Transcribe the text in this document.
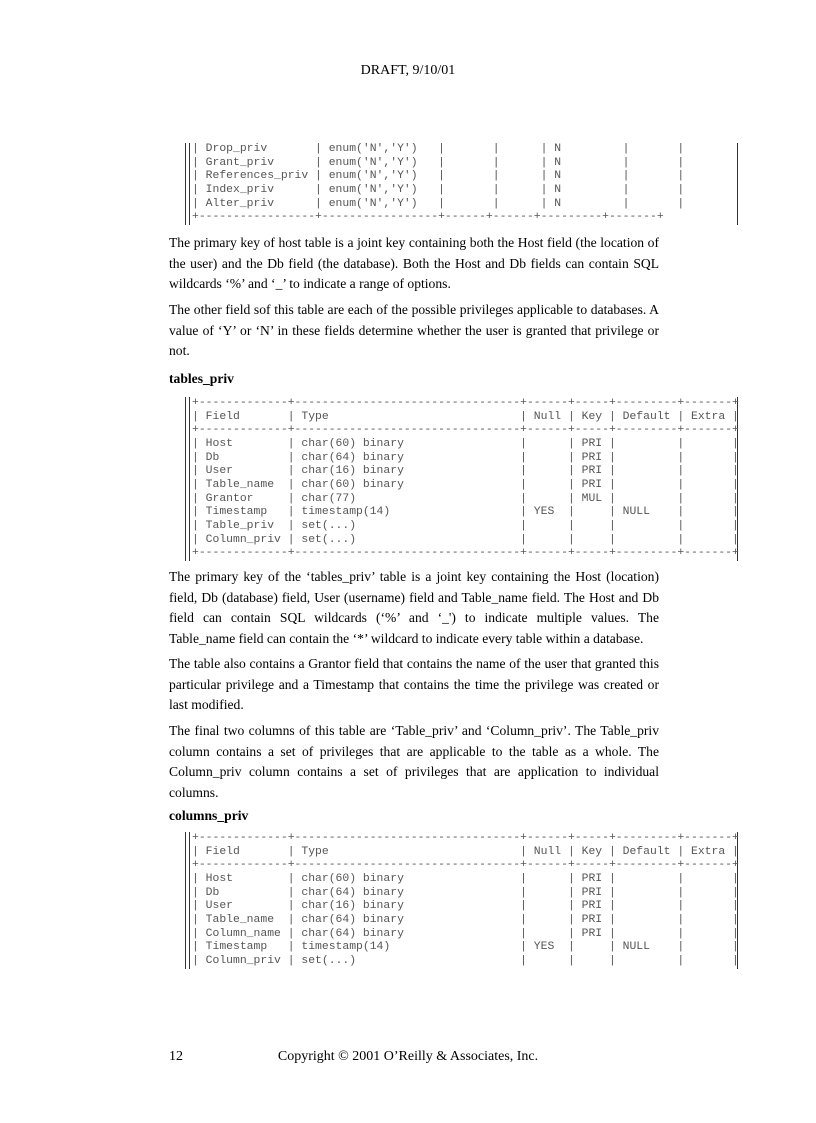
DRAFT, 9/10/01
| Drop_priv       | enum('N','Y')   |       |      | N         |       |
| Grant_priv      | enum('N','Y')   |       |      | N         |       |
| References_priv | enum('N','Y')   |       |      | N         |       |
| Index_priv      | enum('N','Y')   |       |      | N         |       |
| Alter_priv      | enum('N','Y')   |       |      | N         |       |
+-----------------+-----------------+------+------+---------+-------+

The primary key of host table is a joint key containing both the Host field (the location of the user) and the Db field (the database). Both the Host and Db fields can contain SQL wildcards ‘%’ and ‘_’ to indicate a range of options.

The other field sof this table are each of the possible privileges applicable to databases. A value of ‘Y’ or ‘N’ in these fields determine whether the user is granted that privilege or not.

tables_priv
+-------------+---------------------------------+------+-----+---------+-------+
| Field       | Type                            | Null | Key | Default | Extra |
+-------------+---------------------------------+------+-----+---------+-------+
| Host        | char(60) binary                 |      | PRI |         |       |
| Db          | char(64) binary                 |      | PRI |         |       |
| User        | char(16) binary                 |      | PRI |         |       |
| Table_name  | char(60) binary                 |      | PRI |         |       |
| Grantor     | char(77)                        |      | MUL |         |       |
| Timestamp   | timestamp(14)                   | YES  |     | NULL    |       |
| Table_priv  | set(...)                        |      |     |         |       |
| Column_priv | set(...)                        |      |     |         |       |
+-------------+---------------------------------+------+-----+---------+-------+

The primary key of the ‘tables_priv’ table is a joint key containing the Host (location) field, Db (database) field, User (username) field and Table_name field. The Host and Db field can contain SQL wildcards (‘%’ and ‘_') to indicate multiple values. The Table_name field can contain the ‘*’ wildcard to indicate every table within a database.

The table also contains a Grantor field that contains the name of the user that granted this particular privilege and a Timestamp that contains the time the privilege was created or last modified.

The final two columns of this table are ‘Table_priv’ and ‘Column_priv’. The Table_priv column contains a set of privileges that are applicable to the table as a whole. The Column_priv column contains a set of privileges that are application to individual columns.

columns_priv
+-------------+---------------------------------+------+-----+---------+-------+
| Field       | Type                            | Null | Key | Default | Extra |
+-------------+---------------------------------+------+-----+---------+-------+
| Host        | char(60) binary                 |      | PRI |         |       |
| Db          | char(64) binary                 |      | PRI |         |       |
| User        | char(16) binary                 |      | PRI |         |       |
| Table_name  | char(64) binary                 |      | PRI |         |       |
| Column_name | char(64) binary                 |      | PRI |         |       |
| Timestamp   | timestamp(14)                   | YES  |     | NULL    |       |
| Column_priv | set(...)                        |      |     |         |       |
12	Copyright © 2001 O’Reilly & Associates, Inc.
